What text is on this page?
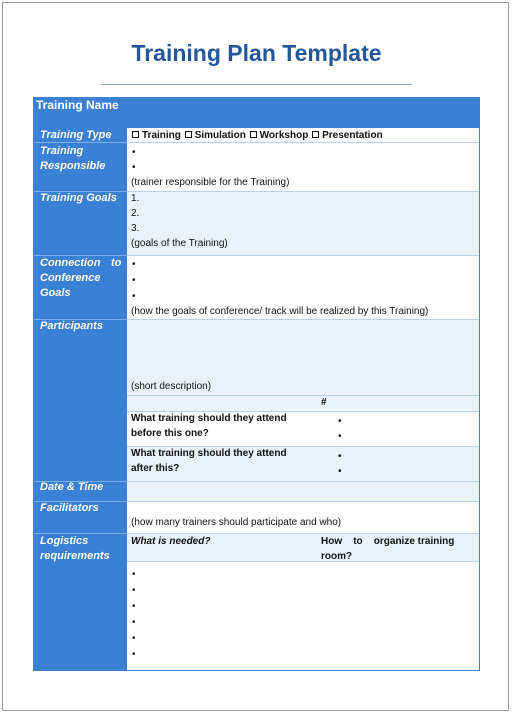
Training Plan Template
Training Name
Training Type
Training
Responsible
Training Goals
Connection to
Conference
Goals
Participants
Date & Time
Facilitators
Logistics
requirements
Training Simulation Workshop Presentation
•
•
(trainer responsible for the Training)
1.
2.
3.
(goals of the Training)
•
•
•
(how the goals of conference/ track will be realized by this Training)
(short description)
#
What training should they attend
before this one?
•
•
What training should they attend
after this?
•
•
(how many trainers should participate and who)
What is needed?	How    to    organize training
room?
•
•
•
•
•
•
